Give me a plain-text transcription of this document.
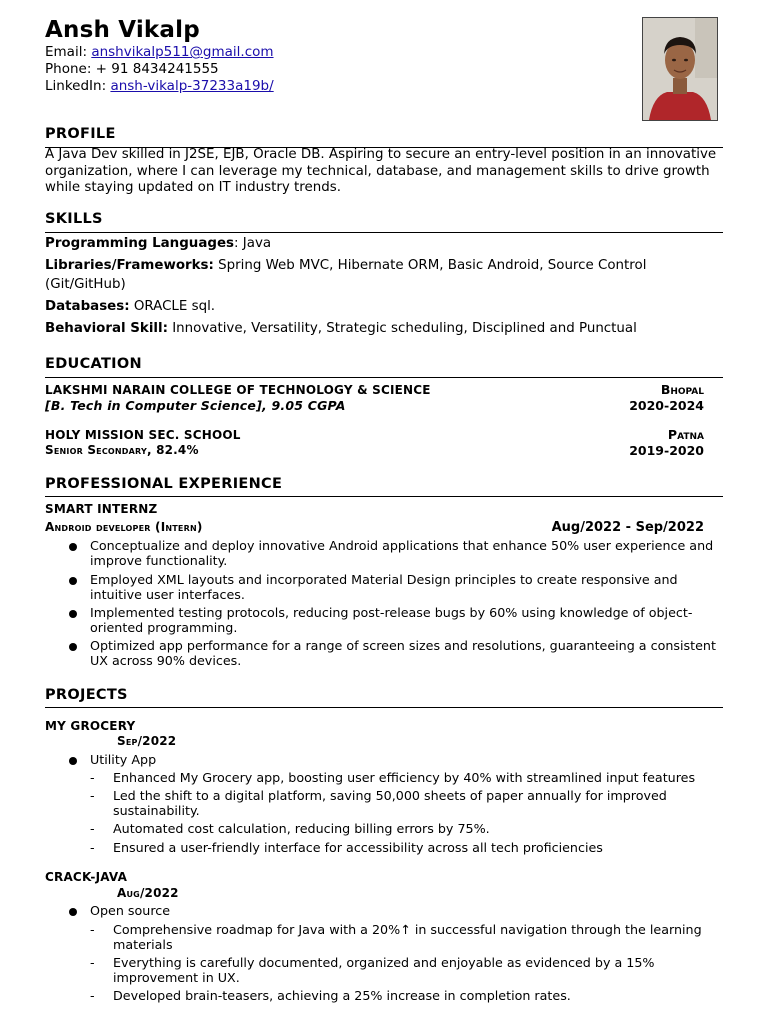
Ansh Vikalp
Email: anshvikalp511@gmail.com
Phone: + 91 8434241555
LinkedIn: ansh-vikalp-37233a19b/
PROFILE
A Java Dev skilled in J2SE, EJB, Oracle DB. Aspiring to secure an entry-level position in an innovative organization, where I can leverage my technical, database, and management skills to drive growth while staying updated on IT industry trends.
SKILLS
Programming Languages: Java
Libraries/Frameworks: Spring Web MVC, Hibernate ORM, Basic Android, Source Control (Git/GitHub)
Databases: ORACLE sql.
Behavioral Skill: Innovative, Versatility, Strategic scheduling, Disciplined and Punctual
EDUCATION
LAKSHMI NARAIN COLLEGE OF TECHNOLOGY & SCIENCE	Bhopal
[B. Tech in Computer Science], 9.05 CGPA	2020-2024
HOLY MISSION SEC. SCHOOL	Patna
Senior Secondary, 82.4%	2019-2020
PROFESSIONAL EXPERIENCE
SMART INTERNZ
Android developer (Intern)	Aug/2022 - Sep/2022
Conceptualize and deploy innovative Android applications that enhance 50% user experience and improve functionality.
Employed XML layouts and incorporated Material Design principles to create responsive and intuitive user interfaces.
Implemented testing protocols, reducing post-release bugs by 60% using knowledge of object-oriented programming.
Optimized app performance for a range of screen sizes and resolutions, guaranteeing a consistent UX across 90% devices.
PROJECTS
MY GROCERY
Sep/2022
Utility App
- Enhanced My Grocery app, boosting user efficiency by 40% with streamlined input features
- Led the shift to a digital platform, saving 50,000 sheets of paper annually for improved sustainability.
- Automated cost calculation, reducing billing errors by 75%.
- Ensured a user-friendly interface for accessibility across all tech proficiencies
CRACK-JAVA
Aug/2022
Open source
- Comprehensive roadmap for Java with a 20%↑ in successful navigation through the learning materials
- Everything is carefully documented, organized and enjoyable as evidenced by a 15% improvement in UX.
- Developed brain-teasers, achieving a 25% increase in completion rates.
